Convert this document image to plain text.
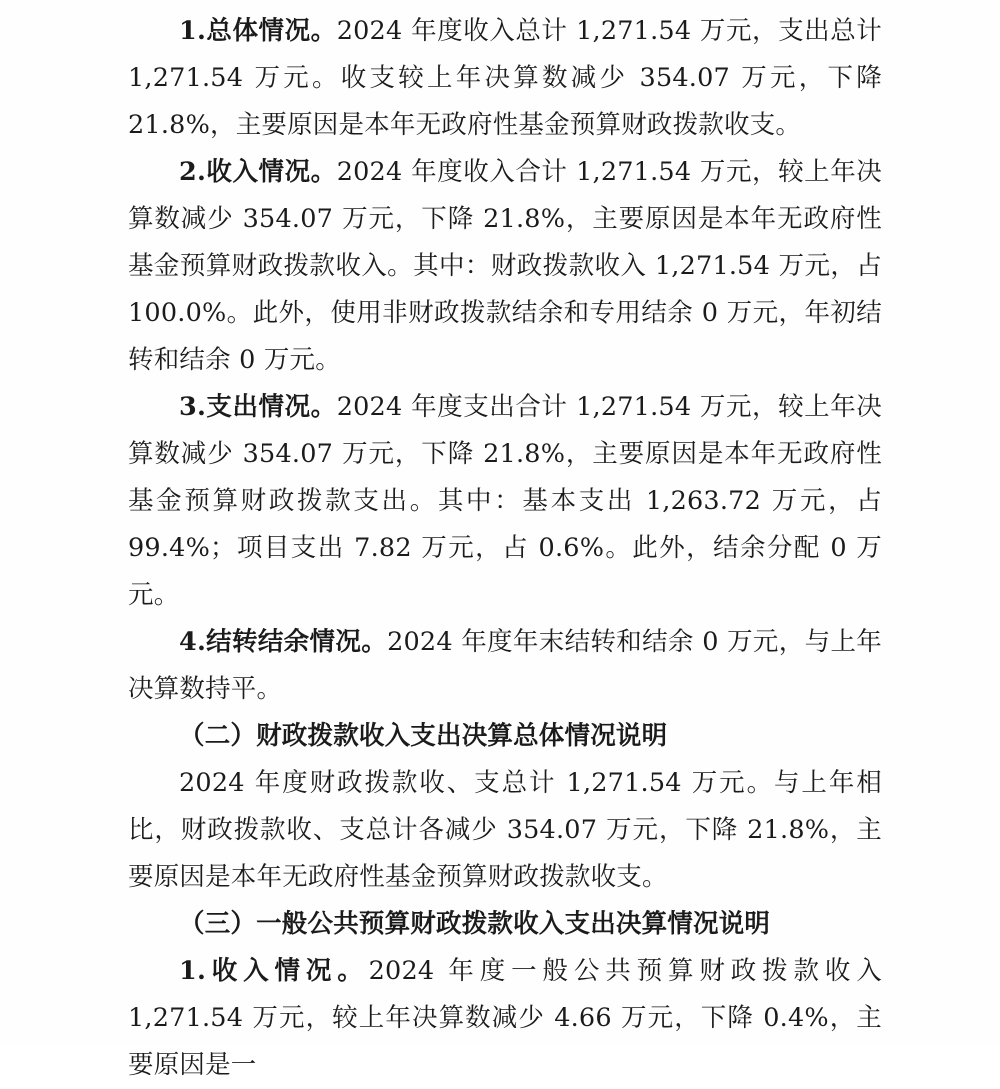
1.总体情况。2024 年度收入总计 1,271.54 万元，支出总计 1,271.54 万元。收支较上年决算数减少 354.07 万元，下降21.8%，主要原因是本年无政府性基金预算财政拨款收支。

2.收入情况。2024 年度收入合计 1,271.54 万元，较上年决算数减少 354.07 万元，下降 21.8%，主要原因是本年无政府性基金预算财政拨款收入。其中：财政拨款收入 1,271.54 万元，占 100.0%。此外，使用非财政拨款结余和专用结余 0 万元，年初结转和结余 0 万元。

3.支出情况。2024 年度支出合计 1,271.54 万元，较上年决算数减少 354.07 万元，下降 21.8%，主要原因是本年无政府性基金预算财政拨款支出。其中：基本支出 1,263.72 万元，占 99.4%；项目支出 7.82 万元，占 0.6%。此外，结余分配 0 万元。

4.结转结余情况。2024 年度年末结转和结余 0 万元，与上年决算数持平。

（二）财政拨款收入支出决算总体情况说明

2024 年度财政拨款收、支总计 1,271.54 万元。与上年相比，财政拨款收、支总计各减少 354.07 万元，下降 21.8%，主要原因是本年无政府性基金预算财政拨款收支。

（三）一般公共预算财政拨款收入支出决算情况说明

1.收入情况。2024 年度一般公共预算财政拨款收入 1,271.54 万元，较上年决算数减少 4.66 万元，下降 0.4%，主要原因是一
